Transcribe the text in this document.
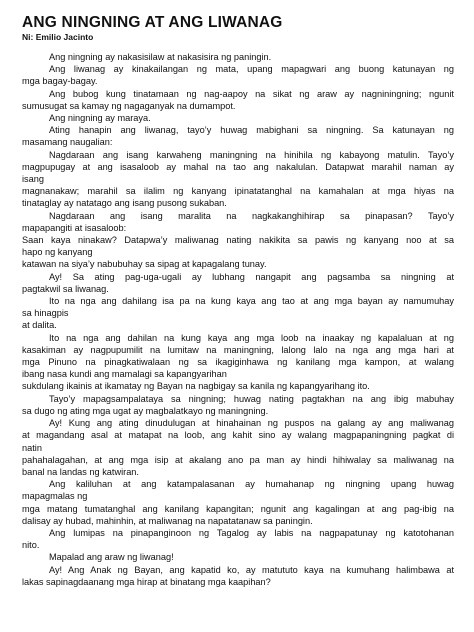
ANG NINGNING AT ANG LIWANAG
Ni: Emilio Jacinto
Ang ningning ay nakasisilaw at nakasisira ng paningin.
Ang liwanag ay kinakailangan ng mata, upang mapagwari ang buong katunayan ng
mga bagay-bagay.
Ang bubog kung tinatamaan ng nag-aapoy na sikat ng araw ay nagniningning; ngunit
sumusugat sa kamay ng nagaganyak na dumampot.
Ang ningning ay maraya.
Ating hanapin ang liwanag, tayo’y huwag mabighani sa ningning. Sa katunayan ng
masamang naugalian:
Nagdaraan ang isang karwaheng maningning na hinihila ng kabayong matulin. Tayo’y
magpupugay at ang isasaloob ay mahal na tao ang nakalulan. Datapwat marahil naman ay
isang
magnanakaw; marahil sa ilalim ng kanyang ipinatatanghal na kamahalan at mga hiyas na
tinataglay ay natatago ang isang pusong sukaban.
Nagdaraan ang isang maralita na nagkakanghihirap sa pinapasan? Tayo’y
mapapangiti at isasaloob:
Saan kaya ninakaw? Datapwa’y maliwanag nating nakikita sa pawis ng kanyang noo at sa
hapo ng kanyang
katawan na siya’y nabubuhay sa sipag at kapagalang tunay.
Ay! Sa ating pag-uga-ugali ay lubhang nangapit ang pagsamba sa ningning at
pagtakwil sa liwanag.
Ito na nga ang dahilang isa pa na kung kaya ang tao at ang mga bayan ay namumuhay
sa hinagpis
at dalita.
Ito na nga ang dahilan na kung kaya ang mga loob na inaakay ng kapalaluan at ng
kasakiman ay nagpupumilit na lumitaw na maningning, lalong lalo na nga ang mga hari at
mga Pinuno na pinagkatiwalaan ng sa ikagiginhawa ng kanilang mga kampon, at walang
ibang nasa kundi ang mamalagi sa kapangyarihan
sukdulang ikainis at ikamatay ng Bayan na nagbigay sa kanila ng kapangyarihang ito.
Tayo’y mapagsampalataya sa ningning; huwag nating pagtakhan na ang ibig mabuhay
sa dugo ng ating mga ugat ay magbalatkayo ng maningning.
Ay! Kung ang ating dinudulugan at hinahainan ng puspos na galang ay ang maliwanag
at magandang asal at matapat na loob, ang kahit sino ay walang magpapaningning pagkat di
natin
pahahalagahan, at ang mga isip at akalang ano pa man ay hindi hihiwalay sa maliwanag na
banal na landas ng katwiran.
Ang kaliluhan at ang katampalasanan ay humahanap ng ningning upang huwag
mapagmalas ng
mga matang tumatanghal ang kanilang kapangitan; ngunit ang kagalingan at ang pag-ibig na
dalisay ay hubad, mahinhin, at maliwanag na napatatanaw sa paningin.
Ang lumipas na pinapanginoon ng Tagalog ay labis na nagpapatunay ng katotohanan
nito.
Mapalad ang araw ng liwanag!
Ay! Ang Anak ng Bayan, ang kapatid ko, ay matututo kaya na kumuhang halimbawa at
lakas sapinagdaanang mga hirap at binatang mga kaapihan?
